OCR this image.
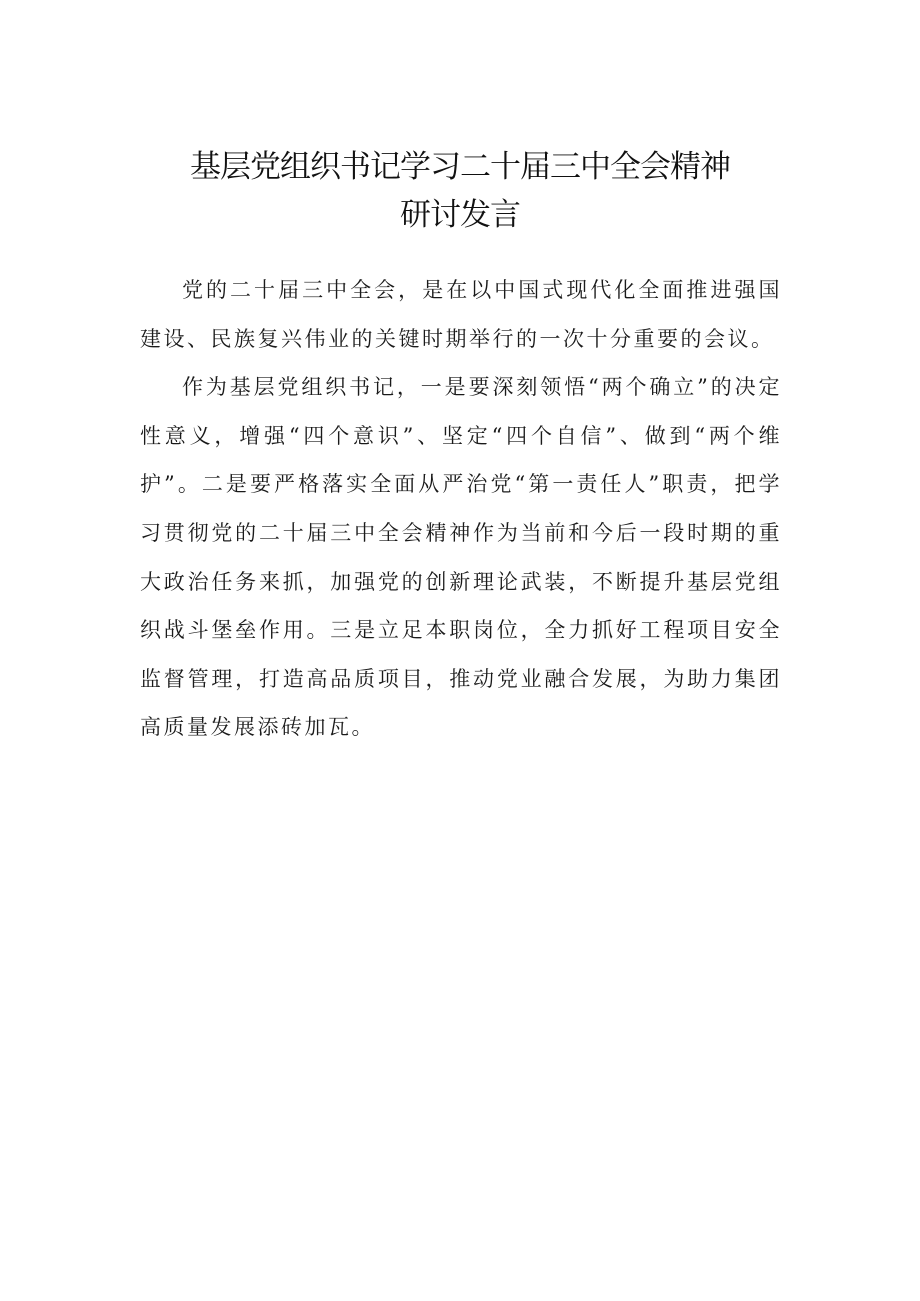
基层党组织书记学习二十届三中全会精神
研讨发言

党的二十届三中全会，是在以中国式现代化全面推进强国建设、民族复兴伟业的关键时期举行的一次十分重要的会议。

作为基层党组织书记，一是要深刻领悟“两个确立”的决定性意义，增强“四个意识”、坚定“四个自信”、做到“两个维护”。二是要严格落实全面从严治党“第一责任人”职责，把学习贯彻党的二十届三中全会精神作为当前和今后一段时期的重大政治任务来抓，加强党的创新理论武装，不断提升基层党组织战斗堡垒作用。三是立足本职岗位，全力抓好工程项目安全监督管理，打造高品质项目，推动党业融合发展，为助力集团高质量发展添砖加瓦。
